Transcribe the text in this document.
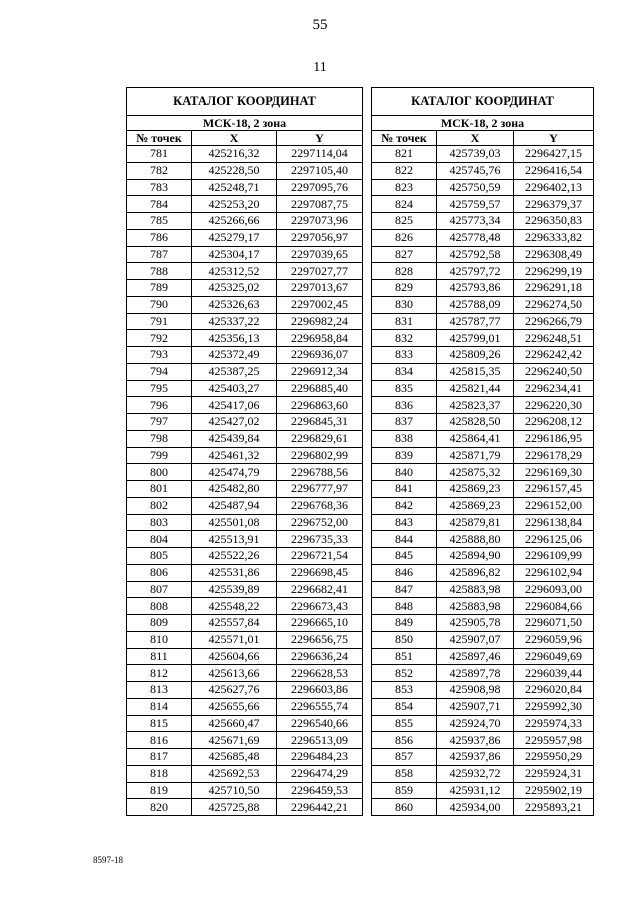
55
11
КАТАЛОГ КООРДИНАТ		
МСК-18, 2 зона		
№ точек	X	Y
781	425216,32	2297114,04
782	425228,50	2297105,40
783	425248,71	2297095,76
784	425253,20	2297087,75
785	425266,66	2297073,96
786	425279,17	2297056,97
787	425304,17	2297039,65
788	425312,52	2297027,77
789	425325,02	2297013,67
790	425326,63	2297002,45
791	425337,22	2296982,24
792	425356,13	2296958,84
793	425372,49	2296936,07
794	425387,25	2296912,34
795	425403,27	2296885,40
796	425417,06	2296863,60
797	425427,02	2296845,31
798	425439,84	2296829,61
799	425461,32	2296802,99
800	425474,79	2296788,56
801	425482,80	2296777,97
802	425487,94	2296768,36
803	425501,08	2296752,00
804	425513,91	2296735,33
805	425522,26	2296721,54
806	425531,86	2296698,45
807	425539,89	2296682,41
808	425548,22	2296673,43
809	425557,84	2296665,10
810	425571,01	2296656,75
811	425604,66	2296636,24
812	425613,66	2296628,53
813	425627,76	2296603,86
814	425655,66	2296555,74
815	425660,47	2296540,66
816	425671,69	2296513,09
817	425685,48	2296484,23
818	425692,53	2296474,29
819	425710,50	2296459,53
820	425725,88	2296442,21
КАТАЛОГ КООРДИНАТ		
МСК-18, 2 зона		
№ точек	X	Y
821	425739,03	2296427,15
822	425745,76	2296416,54
823	425750,59	2296402,13
824	425759,57	2296379,37
825	425773,34	2296350,83
826	425778,48	2296333,82
827	425792,58	2296308,49
828	425797,72	2296299,19
829	425793,86	2296291,18
830	425788,09	2296274,50
831	425787,77	2296266,79
832	425799,01	2296248,51
833	425809,26	2296242,42
834	425815,35	2296240,50
835	425821,44	2296234,41
836	425823,37	2296220,30
837	425828,50	2296208,12
838	425864,41	2296186,95
839	425871,79	2296178,29
840	425875,32	2296169,30
841	425869,23	2296157,45
842	425869,23	2296152,00
843	425879,81	2296138,84
844	425888,80	2296125,06
845	425894,90	2296109,99
846	425896,82	2296102,94
847	425883,98	2296093,00
848	425883,98	2296084,66
849	425905,78	2296071,50
850	425907,07	2296059,96
851	425897,46	2296049,69
852	425897,78	2296039,44
853	425908,98	2296020,84
854	425907,71	2295992,30
855	425924,70	2295974,33
856	425937,86	2295957,98
857	425937,86	2295950,29
858	425932,72	2295924,31
859	425931,12	2295902,19
860	425934,00	2295893,21
8597-18
